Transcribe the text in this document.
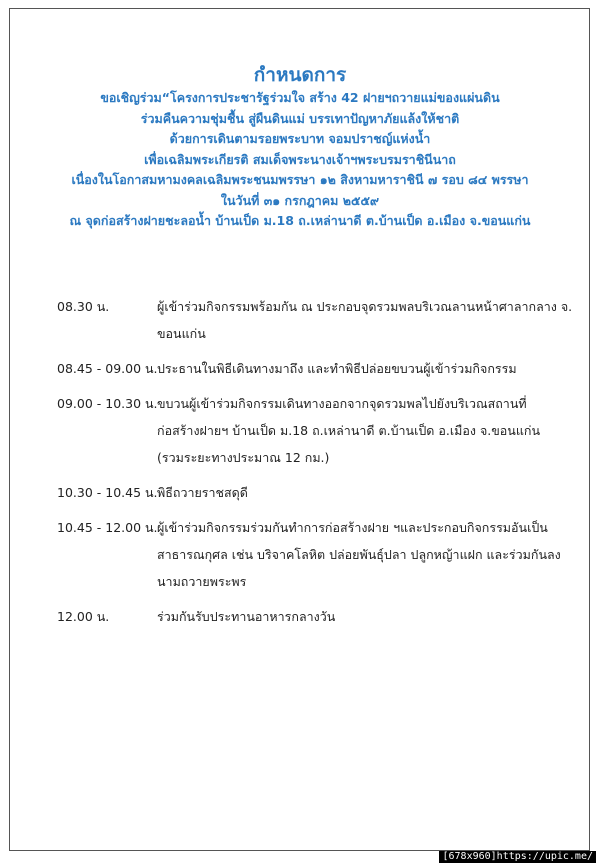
กำหนดการ

ขอเชิญร่วม“โครงการประชารัฐร่วมใจ สร้าง 42 ฝายฯถวายแม่ของแผ่นดิน

ร่วมคืนความชุ่มชื้น สู่ผืนดินแม่ บรรเทาปัญหาภัยแล้งให้ชาติ

ด้วยการเดินตามรอยพระบาท จอมปราชญ์แห่งน้ำ

เพื่อเฉลิมพระเกียรติ สมเด็จพระนางเจ้าฯพระบรมราชินีนาถ

เนื่องในโอกาสมหามงคลเฉลิมพระชนมพรรษา ๑๒ สิงหามหาราชินี ๗ รอบ ๘๔ พรรษา

ในวันที่ ๓๑ กรกฎาคม ๒๕๕๙

ณ จุดก่อสร้างฝายชะลอน้ำ บ้านเป็ด ม.18 ถ.เหล่านาดี ต.บ้านเป็ด อ.เมือง จ.ขอนแก่น

08.30 น.	ผู้เข้าร่วมกิจกรรมพร้อมกัน ณ ประกอบจุดรวมพลบริเวณลานหน้าศาลากลาง จ.
ขอนแก่น
08.45 - 09.00 น. ประธานในพิธีเดินทางมาถึง และทำพิธีปล่อยขบวนผู้เข้าร่วมกิจกรรม
09.00 - 10.30 น. ขบวนผู้เข้าร่วมกิจกรรมเดินทางออกจากจุดรวมพลไปยังบริเวณสถานที่
ก่อสร้างฝายฯ บ้านเป็ด ม.18 ถ.เหล่านาดี ต.บ้านเป็ด อ.เมือง จ.ขอนแก่น
(รวมระยะทางประมาณ 12 กม.)
10.30 - 10.45 น. พิธีถวายราชสดุดี
10.45 - 12.00 น. ผู้เข้าร่วมกิจกรรมร่วมกันทำการก่อสร้างฝาย ฯและประกอบกิจกรรมอันเป็น
สาธารณกุศล เช่น บริจาคโลหิต ปล่อยพันธุ์ปลา ปลูกหญ้าแฝก และร่วมกันลง
นามถวายพระพร
12.00 น.	ร่วมกันรับประทานอาหารกลางวัน
[678x960]https://upic.me/
